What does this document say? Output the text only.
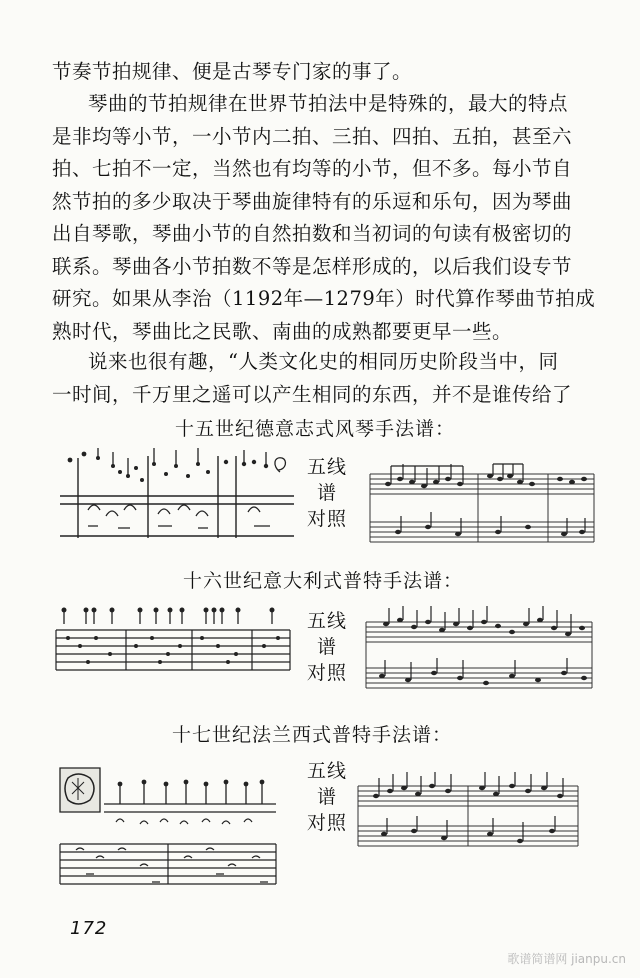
节奏节拍规律、便是古琴专门家的事了。
琴曲的节拍规律在世界节拍法中是特殊的，最大的特点
是非均等小节，一小节内二拍、三拍、四拍、五拍，甚至六
拍、七拍不一定，当然也有均等的小节，但不多。每小节自
然节拍的多少取决于琴曲旋律特有的乐逗和乐句，因为琴曲
出自琴歌，琴曲小节的自然拍数和当初词的句读有极密切的
联系。琴曲各小节拍数不等是怎样形成的，以后我们设专节
研究。如果从李治（1192年—1279年）时代算作琴曲节拍成
熟时代，琴曲比之民歌、南曲的成熟都要更早一些。
说来也很有趣，“人类文化史的相同历史阶段当中，同
一时间，千万里之遥可以产生相同的东西，并不是谁传给了
十五世纪德意志式风琴手法谱：
五线
谱
对照
十六世纪意大利式普特手法谱：
五线
谱
对照
十七世纪法兰西式普特手法谱：
五线
谱
对照
172
歌谱简谱网 jianpu.cn
